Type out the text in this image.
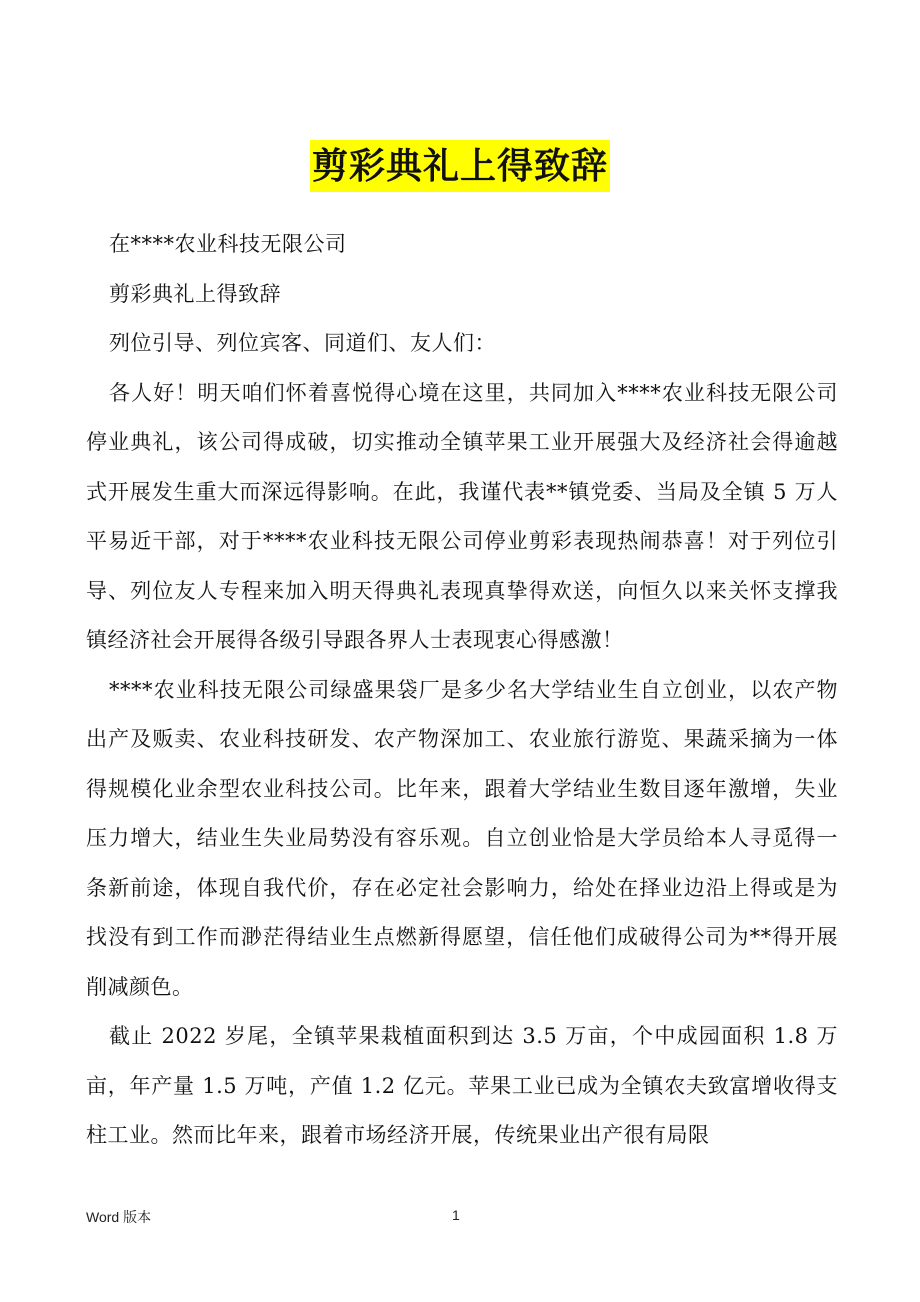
剪彩典礼上得致辞

在****农业科技无限公司

剪彩典礼上得致辞

列位引导、列位宾客、同道们、友人们：

各人好！明天咱们怀着喜悦得心境在这里，共同加入****农业科技无限公司停业典礼，该公司得成破，切实推动全镇苹果工业开展强大及经济社会得逾越式开展发生重大而深远得影响。在此，我谨代表**镇党委、当局及全镇 5 万人平易近干部，对于****农业科技无限公司停业剪彩表现热闹恭喜！对于列位引导、列位友人专程来加入明天得典礼表现真挚得欢送，向恒久以来关怀支撑我镇经济社会开展得各级引导跟各界人士表现衷心得感激！

****农业科技无限公司绿盛果袋厂是多少名大学结业生自立创业，以农产物出产及贩卖、农业科技研发、农产物深加工、农业旅行游览、果蔬采摘为一体得规模化业余型农业科技公司。比年来，跟着大学结业生数目逐年激增，失业压力增大，结业生失业局势没有容乐观。自立创业恰是大学员给本人寻觅得一条新前途，体现自我代价，存在必定社会影响力，给处在择业边沿上得或是为找没有到工作而渺茫得结业生点燃新得愿望，信任他们成破得公司为**得开展削减颜色。

截止 2022 岁尾，全镇苹果栽植面积到达 3.5 万亩，个中成园面积 1.8 万亩，年产量 1.5 万吨，产值 1.2 亿元。苹果工业已成为全镇农夫致富增收得支柱工业。然而比年来，跟着市场经济开展，传统果业出产很有局限

Word 版本	1
